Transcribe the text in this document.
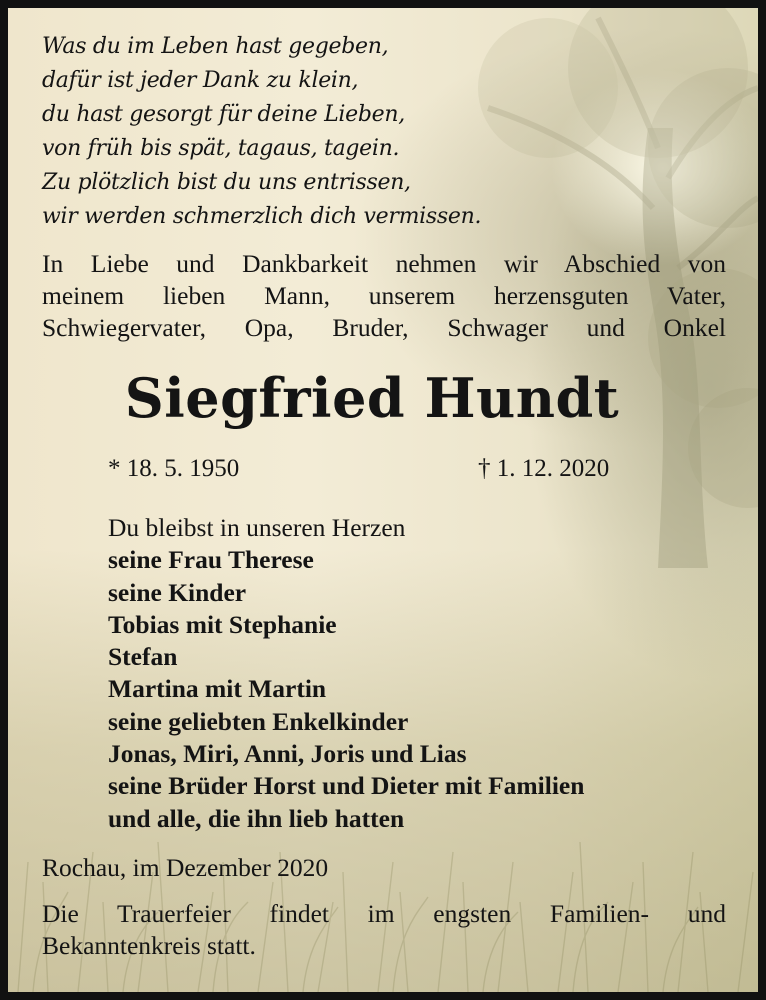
Was du im Leben hast gegeben,
dafür ist jeder Dank zu klein,
du hast gesorgt für deine Lieben,
von früh bis spät, tagaus, tagein.
Zu plötzlich bist du uns entrissen,
wir werden schmerzlich dich vermissen.
In Liebe und Dankbarkeit nehmen wir Abschied von
meinem lieben Mann, unserem herzensguten Vater,
Schwiegervater, Opa, Bruder, Schwager und Onkel
Siegfried Hundt
* 18. 5. 1950	† 1. 12. 2020
Du bleibst in unseren Herzen
seine Frau Therese
seine Kinder
Tobias mit Stephanie
Stefan
Martina mit Martin
seine geliebten Enkelkinder
Jonas, Miri, Anni, Joris und Lias
seine Brüder Horst und Dieter mit Familien
und alle, die ihn lieb hatten
Rochau, im Dezember 2020
Die Trauerfeier findet im engsten Familien- und
Bekanntenkreis statt.
